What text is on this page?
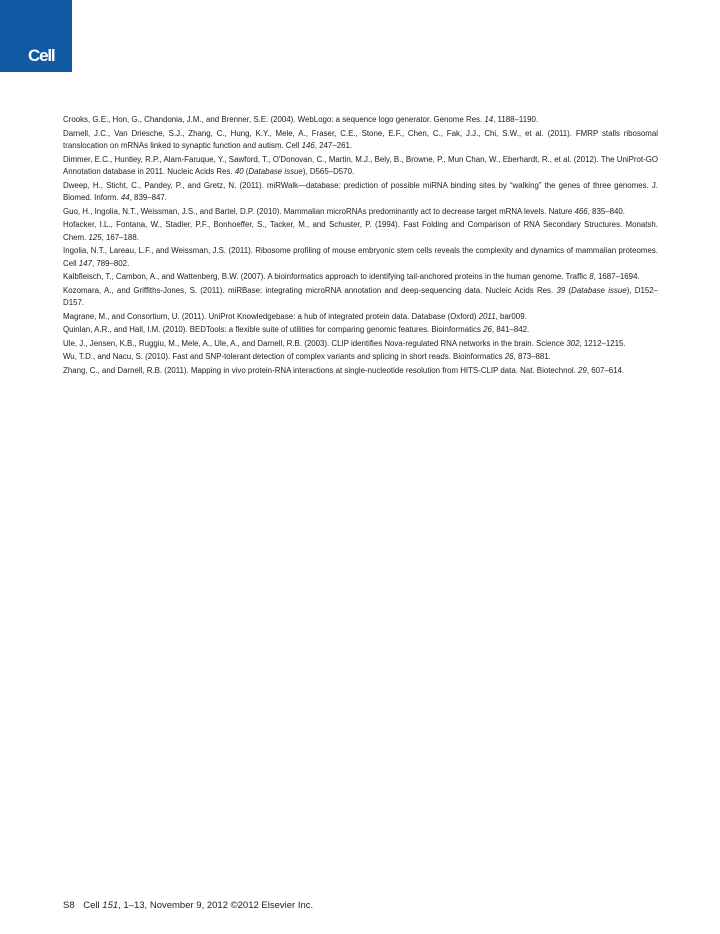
Cell

Crooks, G.E., Hon, G., Chandonia, J.M., and Brenner, S.E. (2004). WebLogo: a sequence logo generator. Genome Res. 14, 1188–1190.

Darnell, J.C., Van Driesche, S.J., Zhang, C., Hung, K.Y., Mele, A., Fraser, C.E., Stone, E.F., Chen, C., Fak, J.J., Chi, S.W., et al. (2011). FMRP stalls ribosomal translocation on mRNAs linked to synaptic function and autism. Cell 146, 247–261.

Dimmer, E.C., Huntley, R.P., Alam-Faruque, Y., Sawford, T., O'Donovan, C., Martin, M.J., Bely, B., Browne, P., Mun Chan, W., Eberhardt, R., et al. (2012). The UniProt-GO Annotation database in 2011. Nucleic Acids Res. 40 (Database issue), D565–D570.

Dweep, H., Sticht, C., Pandey, P., and Gretz, N. (2011). miRWalk—database: prediction of possible miRNA binding sites by “walking” the genes of three genomes. J. Biomed. Inform. 44, 839–847.

Guo, H., Ingolia, N.T., Weissman, J.S., and Bartel, D.P. (2010). Mammalian microRNAs predominantly act to decrease target mRNA levels. Nature 466, 835–840.

Hofacker, I.L., Fontana, W., Stadler, P.F., Bonhoeffer, S., Tacker, M., and Schuster, P. (1994). Fast Folding and Comparison of RNA Secondary Structures. Monatsh. Chem. 125, 167–188.

Ingolia, N.T., Lareau, L.F., and Weissman, J.S. (2011). Ribosome profiling of mouse embryonic stem cells reveals the complexity and dynamics of mammalian proteomes. Cell 147, 789–802.

Kalbfleisch, T., Cambon, A., and Wattenberg, B.W. (2007). A bioinformatics approach to identifying tail-anchored proteins in the human genome. Traffic 8, 1687–1694.

Kozomara, A., and Griffiths-Jones, S. (2011). miRBase: integrating microRNA annotation and deep-sequencing data. Nucleic Acids Res. 39 (Database issue), D152–D157.

Magrane, M., and Consortium, U. (2011). UniProt Knowledgebase: a hub of integrated protein data. Database (Oxford) 2011, bar009.

Quinlan, A.R., and Hall, I.M. (2010). BEDTools: a flexible suite of utilities for comparing genomic features. Bioinformatics 26, 841–842.

Ule, J., Jensen, K.B., Ruggiu, M., Mele, A., Ule, A., and Darnell, R.B. (2003). CLIP identifies Nova-regulated RNA networks in the brain. Science 302, 1212–1215.

Wu, T.D., and Nacu, S. (2010). Fast and SNP-tolerant detection of complex variants and splicing in short reads. Bioinformatics 26, 873–881.

Zhang, C., and Darnell, R.B. (2011). Mapping in vivo protein-RNA interactions at single-nucleotide resolution from HITS-CLIP data. Nat. Biotechnol. 29, 607–614.

S8 Cell 151, 1–13, November 9, 2012 ©2012 Elsevier Inc.
